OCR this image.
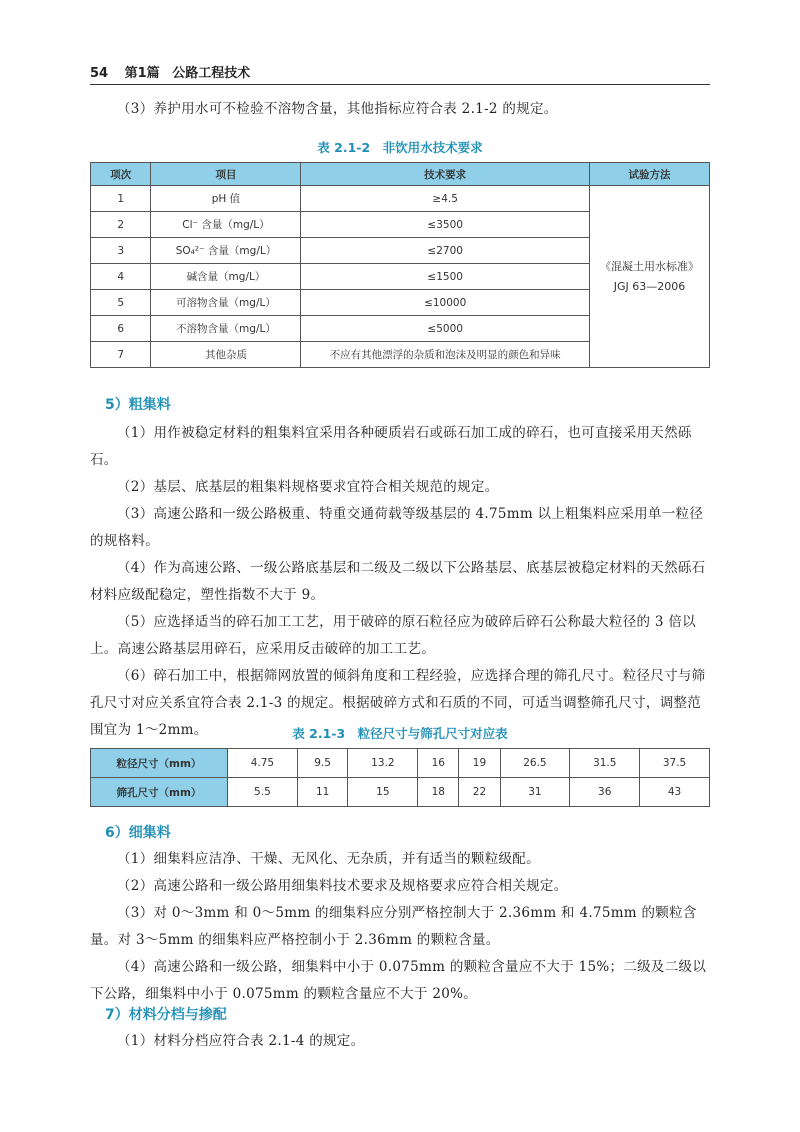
54 第1篇 公路工程技术

（3）养护用水可不检验不溶物含量，其他指标应符合表 2.1-2 的规定。

表 2.1-2　非饮用水技术要求
项次	项目	技术要求	试验方法
1	pH 值	≥4.5	《混凝土用水标准》
JGJ 63—2006

2	Cl⁻ 含量（mg/L）	≤3500	
3	SO₄²⁻ 含量（mg/L）	≤2700	
4	碱含量（mg/L）	≤1500	
5	可溶物含量（mg/L）	≤10000	
6	不溶物含量（mg/L）	≤5000	
7	其他杂质	不应有其他漂浮的杂质和泡沫及明显的颜色和异味	
5）粗集料

（1）用作被稳定材料的粗集料宜采用各种硬质岩石或砾石加工成的碎石，也可直接采用天然砾石。

（2）基层、底基层的粗集料规格要求宜符合相关规范的规定。

（3）高速公路和一级公路极重、特重交通荷载等级基层的 4.75mm 以上粗集料应采用单一粒径的规格料。

（4）作为高速公路、一级公路底基层和二级及二级以下公路基层、底基层被稳定材料的天然砾石材料应级配稳定，塑性指数不大于 9。

（5）应选择适当的碎石加工工艺，用于破碎的原石粒径应为破碎后碎石公称最大粒径的 3 倍以上。高速公路基层用碎石，应采用反击破碎的加工工艺。

（6）碎石加工中，根据筛网放置的倾斜角度和工程经验，应选择合理的筛孔尺寸。粒径尺寸与筛孔尺寸对应关系宜符合表 2.1-3 的规定。根据破碎方式和石质的不同，可适当调整筛孔尺寸，调整范围宜为 1～2mm。	表 2.1-3　粒径尺寸与筛孔尺寸对应表
粒径尺寸（mm）	4.75	9.5	13.2	16	19	26.5	31.5	37.5
筛孔尺寸（mm）	5.5	11	15	18	22	31	36	43
6）细集料

（1）细集料应洁净、干燥、无风化、无杂质，并有适当的颗粒级配。

（2）高速公路和一级公路用细集料技术要求及规格要求应符合相关规定。

（3）对 0～3mm 和 0～5mm 的细集料应分别严格控制大于 2.36mm 和 4.75mm 的颗粒含量。对 3～5mm 的细集料应严格控制小于 2.36mm 的颗粒含量。

（4）高速公路和一级公路，细集料中小于 0.075mm 的颗粒含量应不大于 15%；二级及二级以下公路，细集料中小于 0.075mm 的颗粒含量应不大于 20%。

7）材料分档与掺配

（1）材料分档应符合表 2.1-4 的规定。
